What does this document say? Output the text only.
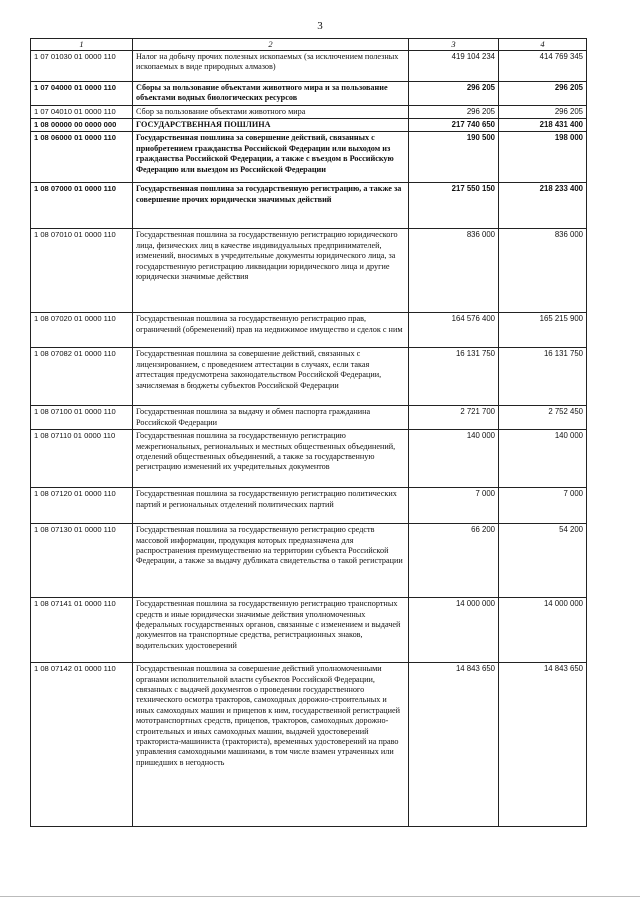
3
1	2	3	4
1 07 01030 01 0000 110	Налог на добычу прочих полезных ископаемых (за исключением полезных ископаемых в виде природных алмазов)	419 104 234	414 769 345
1 07 04000 01 0000 110	Сборы за пользование объектами животного мира и за пользование объектами водных биологических ресурсов	296 205	296 205
1 07 04010 01 0000 110	Сбор за пользование объектами животного мира	296 205	296 205
1 08 00000 00 0000 000	ГОСУДАРСТВЕННАЯ ПОШЛИНА	217 740 650	218 431 400
1 08 06000 01 0000 110	Государственная пошлина за совершение действий, связанных с приобретением гражданства Российской Федерации или выходом из гражданства Российской Федерации, а также с въездом в Российскую Федерацию или выездом из Российской Федерации	190 500	198 000
1 08 07000 01 0000 110	Государственная пошлина за государственную регистрацию, а также за совершение прочих юридически значимых действий	217 550 150	218 233 400
1 08 07010 01 0000 110	Государственная пошлина за государственную регистрацию юридического лица, физических лиц в качестве индивидуальных предпринимателей, изменений, вносимых в учредительные документы юридического лица, за государственную регистрацию ликвидации юридического лица и другие юридически значимые действия	836 000	836 000
1 08 07020 01 0000 110	Государственная пошлина за государственную регистрацию прав, ограничений (обременений) прав на недвижимое имущество и сделок с ним	164 576 400	165 215 900
1 08 07082 01 0000 110	Государственная пошлина за совершение действий, связанных с лицензированием, с проведением аттестации в случаях, если такая аттестация предусмотрена законодательством Российской Федерации, зачисляемая в бюджеты субъектов Российской Федерации	16 131 750	16 131 750
1 08 07100 01 0000 110	Государственная пошлина за выдачу и обмен паспорта гражданина Российской Федерации	2 721 700	2 752 450
1 08 07110 01 0000 110	Государственная пошлина за государственную регистрацию межрегиональных, региональных и местных общественных объединений, отделений общественных объединений, а также за государственную регистрацию изменений их учредительных документов	140 000	140 000
1 08 07120 01 0000 110	Государственная пошлина за государственную регистрацию политических партий и региональных отделений политических партий	7 000	7 000
1 08 07130 01 0000 110	Государственная пошлина за государственную регистрацию средств массовой информации, продукция которых предназначена для распространения преимущественно на территории субъекта Российской Федерации, а также за выдачу дубликата свидетельства о такой регистрации	66 200	54 200
1 08 07141 01 0000 110	Государственная пошлина за государственную регистрацию транспортных средств и иные юридически значимые действия уполномоченных федеральных государственных органов, связанные с изменением и выдачей документов на транспортные средства, регистрационных знаков, водительских удостоверений	14 000 000	14 000 000
1 08 07142 01 0000 110	Государственная пошлина за совершение действий уполномоченными органами исполнительной власти субъектов Российской Федерации, связанных с выдачей документов о проведении государственного технического осмотра тракторов, самоходных дорожно-строительных и иных самоходных машин и прицепов к ним, государственной регистрацией мототранспортных средств, прицепов, тракторов, самоходных дорожно-строительных и иных самоходных машин, выдачей удостоверений тракториста-машиниста (тракториста), временных удостоверений на право управления самоходными машинами, в том числе взамен утраченных или пришедших в негодность	14 843 650	14 843 650
